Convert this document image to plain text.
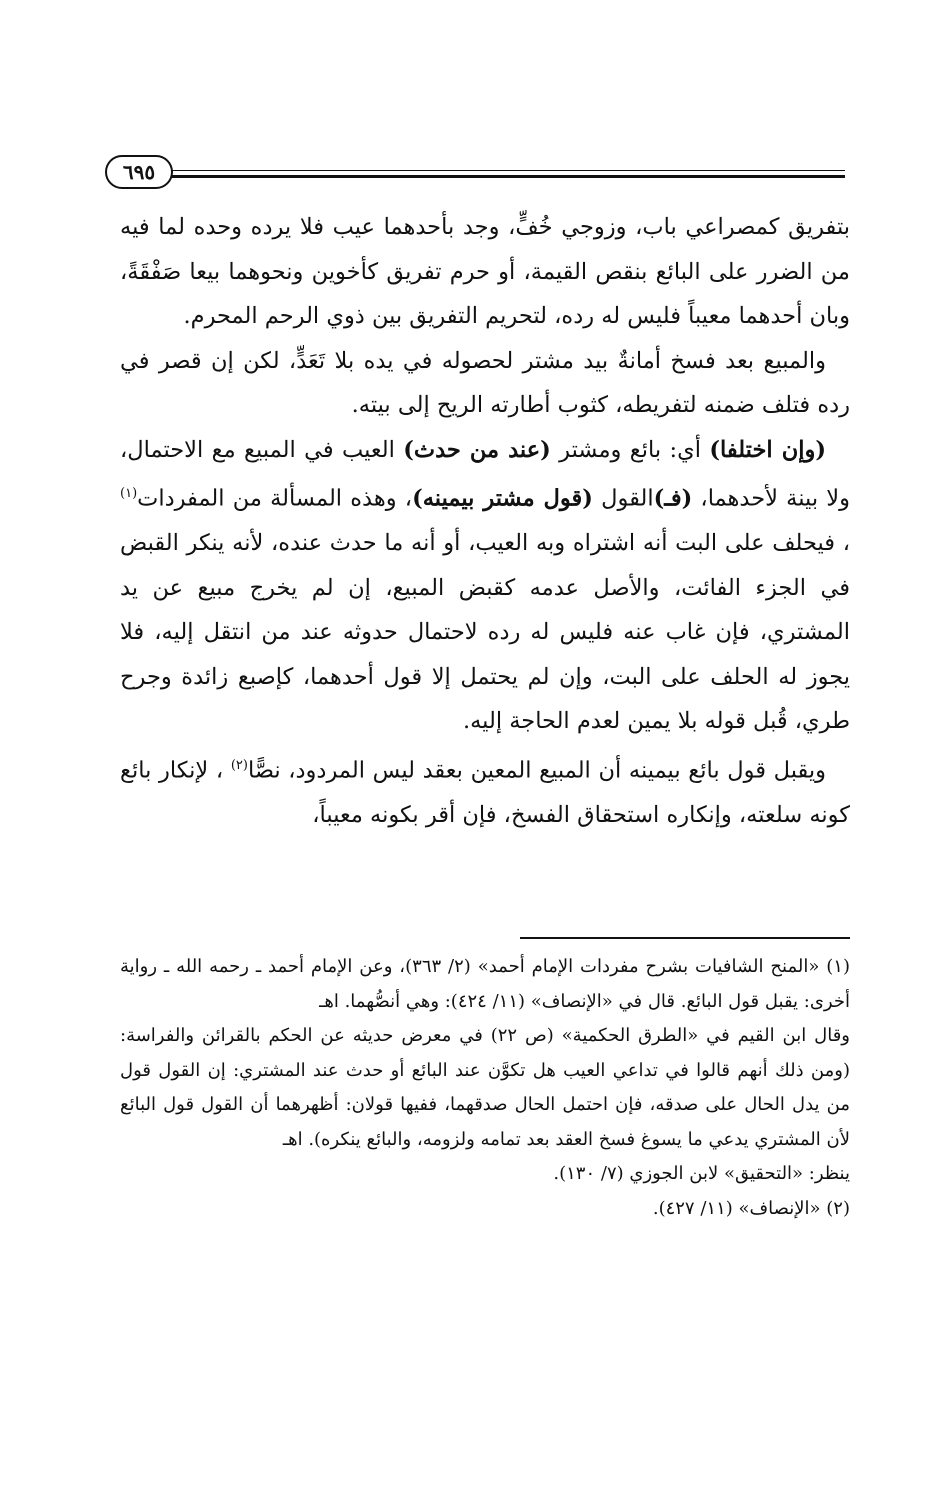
٦٩٥

بتفريق كمصراعي باب، وزوجي خُفٍّ، وجد بأحدهما عيب فلا يرده وحده لما فيه من الضرر على البائع بنقص القيمة، أو حرم تفريق كأخوين ونحوهما بيعا صَفْقَةً، وبان أحدهما معيباً فليس له رده، لتحريم التفريق بين ذوي الرحم المحرم.

والمبيع بعد فسخ أمانةٌ بيد مشتر لحصوله في يده بلا تَعَدٍّ، لكن إن قصر في رده فتلف ضمنه لتفريطه، كثوب أطارته الريح إلى بيته.

(وإن اختلفا) أي: بائع ومشتر (عند من حدث) العيب في المبيع مع الاحتمال، ولا بينة لأحدهما، (فـ)القول (قول مشتر بيمينه)، وهذه المسألة من المفردات$^{(١)}$ ، فيحلف على البت أنه اشتراه وبه العيب، أو أنه ما حدث عنده، لأنه ينكر القبض في الجزء الفائت، والأصل عدمه كقبض المبيع، إن لم يخرج مبيع عن يد المشتري، فإن غاب عنه فليس له رده لاحتمال حدوثه عند من انتقل إليه، فلا يجوز له الحلف على البت، وإن لم يحتمل إلا قول أحدهما، كإصبع زائدة وجرح طري، قُبل قوله بلا يمين لعدم الحاجة إليه.

ويقبل قول بائع بيمينه أن المبيع المعين بعقد ليس المردود، نصًّا$^{(٢)}$ ، لإنكار بائع كونه سلعته، وإنكاره استحقاق الفسخ، فإن أقر بكونه معيباً،

(١) «المنح الشافيات بشرح مفردات الإمام أحمد» (٢/ ٣٦٣)، وعن الإمام أحمد ـ رحمه الله ـ رواية أخرى: يقبل قول البائع. قال في «الإنصاف» (١١/ ٤٢٤): وهي أنصُّهما. اهـ

وقال ابن القيم في «الطرق الحكمية» (ص ٢٢) في معرض حديثه عن الحكم بالقرائن والفراسة: (ومن ذلك أنهم قالوا في تداعي العيب هل تكوَّن عند البائع أو حدث عند المشتري: إن القول قول من يدل الحال على صدقه، فإن احتمل الحال صدقهما، ففيها قولان: أظهرهما أن القول قول البائع لأن المشتري يدعي ما يسوغ فسخ العقد بعد تمامه ولزومه، والبائع ينكره). اهـ

ينظر: «التحقيق» لابن الجوزي (٧/ ١٣٠).

(٢) «الإنصاف» (١١/ ٤٢٧).
